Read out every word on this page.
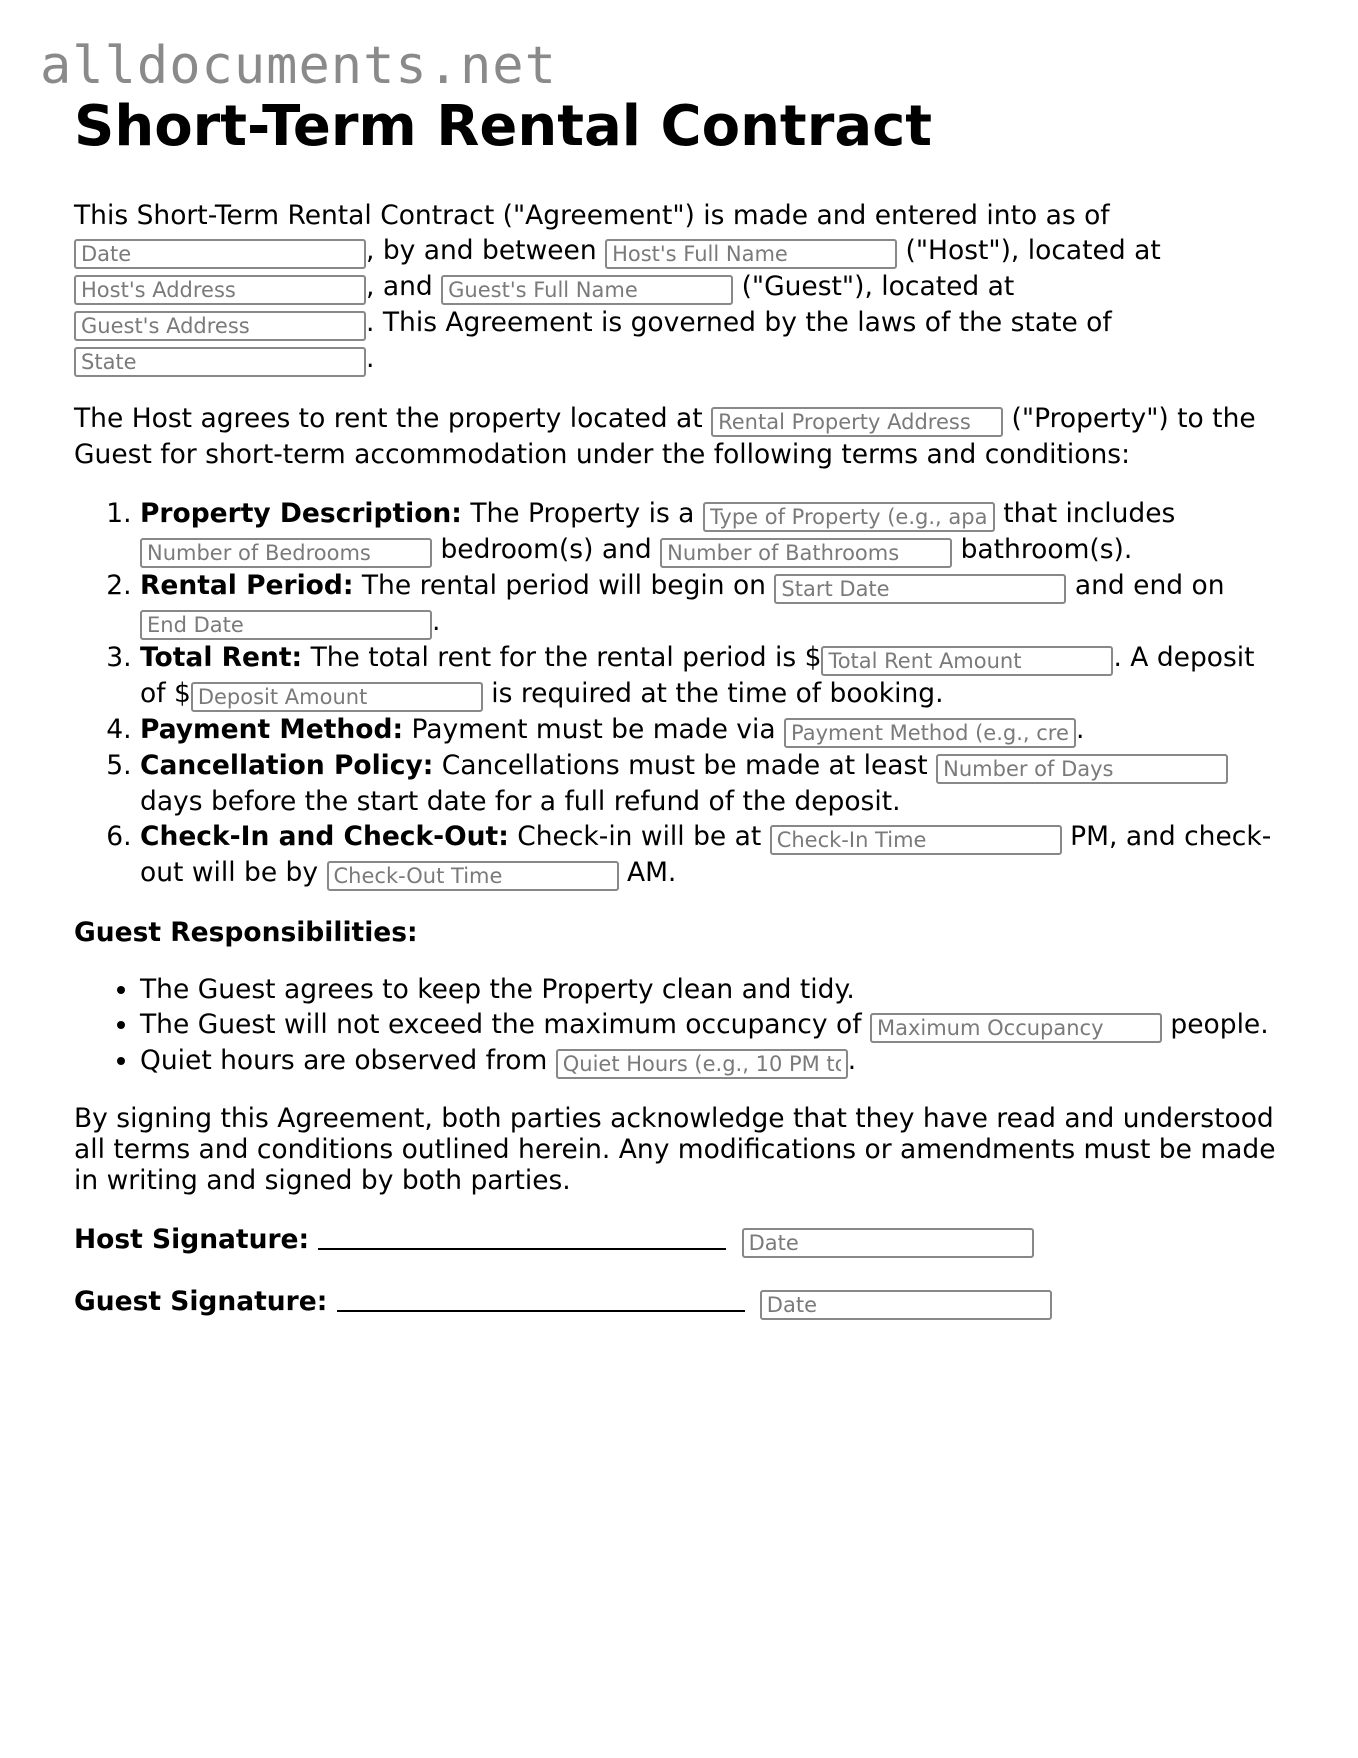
alldocuments.net
Short-Term Rental Contract

This Short-Term Rental Contract ("Agreement") is made and entered into as of Date, by and between Host's Full Name	("Host"), located at Host's Address, and Guest's Full Name	("Guest"), located at Guest's Address. This Agreement is governed by the laws of the state of State.

The Host agrees to rent the property located at Rental Property Address	("Property") to the Guest for short-term accommodation under the following terms and conditions:

1. Property Description: The Property is a Type of Property (e.g., apartment, house)	that includes Number of Bedrooms bedroom(s) and Number of Bathrooms	bathroom(s).
2. Rental Period: The rental period will begin on Start Date	and end on End Date.
3. Total Rent: The total rent for the rental period is $Total Rent Amount	. A deposit of $Deposit Amount	is required at the time of booking.
4. Payment Method: Payment must be made via Payment Method (e.g., credit card)	.
5. Cancellation Policy: Cancellations must be made at least Number of Days days before the start date for a full refund of the deposit.
6. Check-In and Check-Out: Check-in will be at Check-In Time	PM, and check-out will be by Check-Out Time	AM.
Guest Responsibilities:
• The Guest agrees to keep the Property clean and tidy.
• The Guest will not exceed the maximum occupancy of Maximum Occupancy	people.
• Quiet hours are observed from Quiet Hours (e.g., 10 PM to 7 AM)	.

By signing this Agreement, both parties acknowledge that they have read and understood all terms and conditions outlined herein. Any modifications or amendments must be made in writing and signed by both parties.

Host Signature:  Date
Guest Signature:  Date
